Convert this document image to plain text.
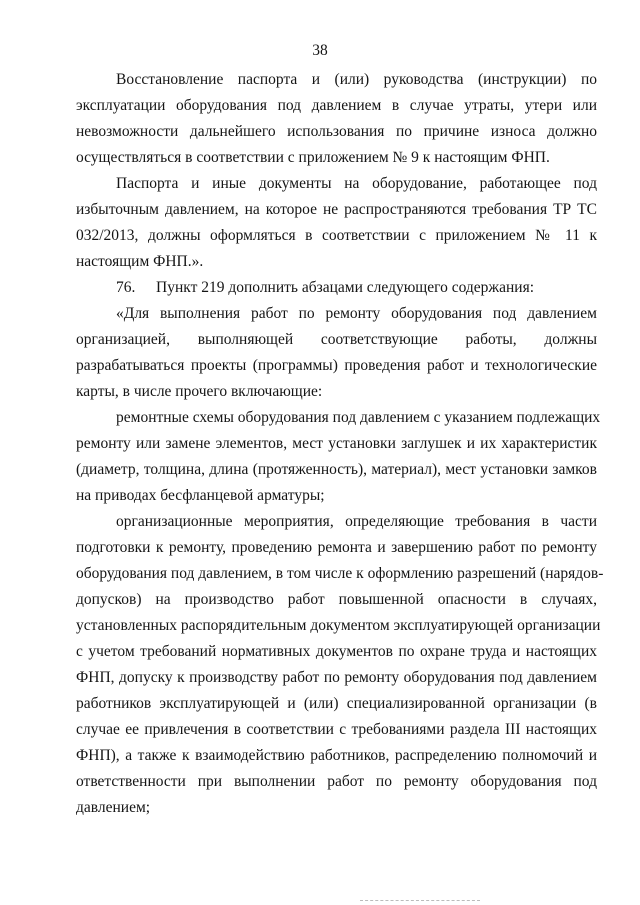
38
Восстановление паспорта и (или) руководства (инструкции) по
эксплуатации оборудования под давлением в случае утраты, утери или
невозможности дальнейшего использования по причине износа должно
осуществляться в соответствии с приложением № 9 к настоящим ФНП.
Паспорта и иные документы на оборудование, работающее под
избыточным давлением, на которое не распространяются требования ТР ТС
032/2013, должны оформляться в соответствии с приложением № 11 к
настоящим ФНП.».
76. Пункт 219 дополнить абзацами следующего содержания:
«Для выполнения работ по ремонту оборудования под давлением
организацией, выполняющей соответствующие работы, должны
разрабатываться проекты (программы) проведения работ и технологические
карты, в числе прочего включающие:
ремонтные схемы оборудования под давлением с указанием подлежащих
ремонту или замене элементов, мест установки заглушек и их характеристик
(диаметр, толщина, длина (протяженность), материал), мест установки замков
на приводах бесфланцевой арматуры;
организационные мероприятия, определяющие требования в части
подготовки к ремонту, проведению ремонта и завершению работ по ремонту
оборудования под давлением, в том числе к оформлению разрешений (нарядов-
допусков) на производство работ повышенной опасности в случаях,
установленных распорядительным документом эксплуатирующей организации
с учетом требований нормативных документов по охране труда и настоящих
ФНП, допуску к производству работ по ремонту оборудования под давлением
работников эксплуатирующей и (или) специализированной организации (в
случае ее привлечения в соответствии с требованиями раздела III настоящих
ФНП), а также к взаимодействию работников, распределению полномочий и
ответственности при выполнении работ по ремонту оборудования под
давлением;
